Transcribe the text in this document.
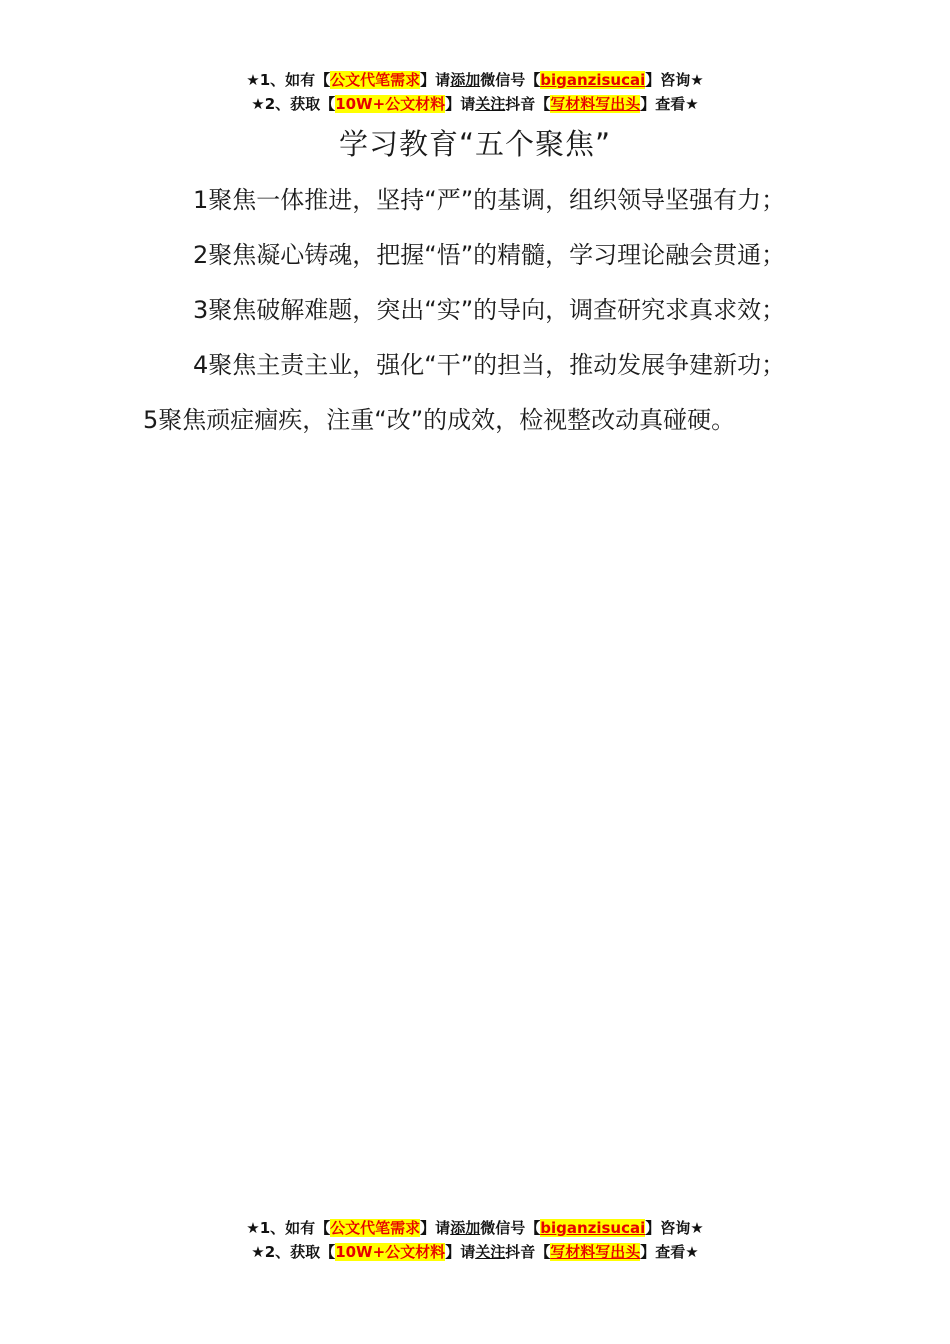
★1、如有【公文代笔需求】请添加微信号【biganzisucai】咨询★
★2、获取【10W+公文材料】请关注抖音【写材料写出头】查看★
学习教育“五个聚焦”

1聚焦一体推进，坚持“严”的基调，组织领导坚强有力；

2聚焦凝心铸魂，把握“悟”的精髓，学习理论融会贯通；

3聚焦破解难题，突出“实”的导向，调查研究求真求效；

4聚焦主责主业，强化“干”的担当，推动发展争建新功；

5聚焦顽症痼疾，注重“改”的成效，检视整改动真碰硬。

★1、如有【公文代笔需求】请添加微信号【biganzisucai】咨询★
★2、获取【10W+公文材料】请关注抖音【写材料写出头】查看★
